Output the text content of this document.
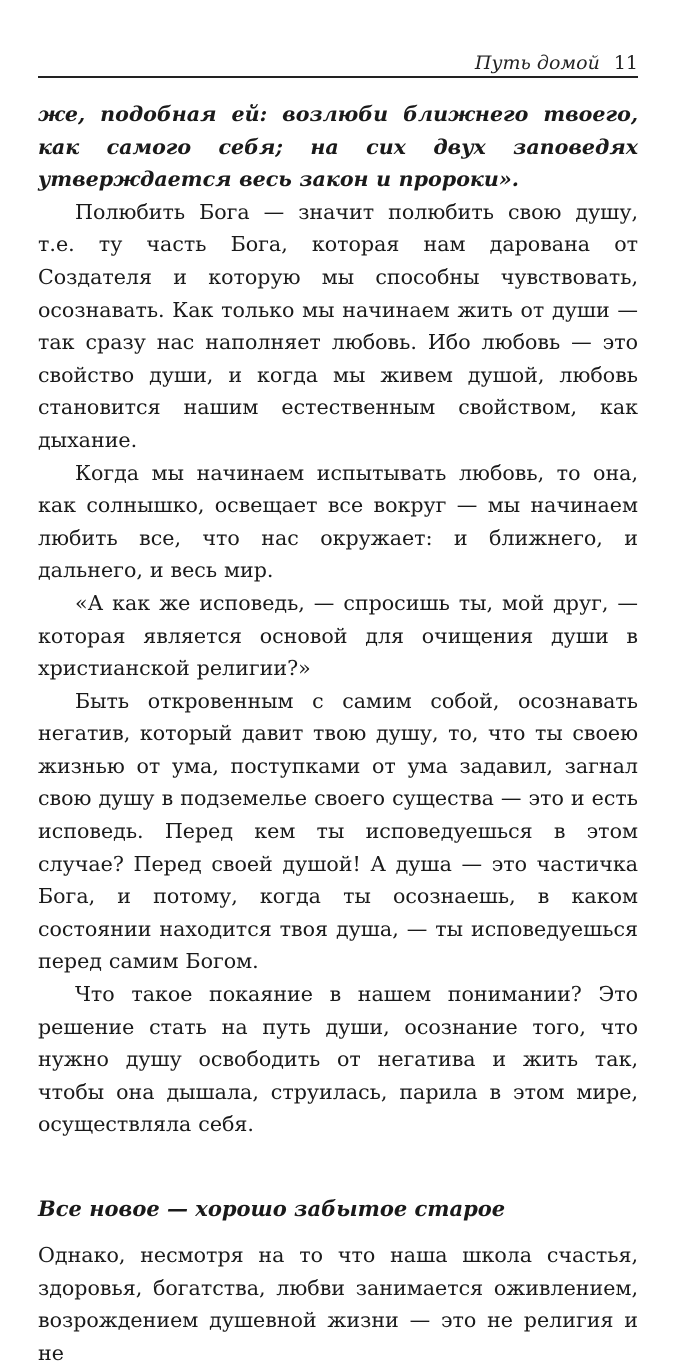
Путь домой 11

же, подобная ей: возлюби ближнего твоего, как самого себя; на сих двух заповедях утверждается весь закон и пророки».

Полюбить Бога — значит полюбить свою душу, т.е. ту часть Бога, которая нам дарована от Создателя и которую мы способны чувствовать, осознавать. Как только мы начинаем жить от души — так сразу нас наполняет любовь. Ибо любовь — это свойство души, и когда мы живем душой, любовь становится нашим естественным свойством, как дыхание.

Когда мы начинаем испытывать любовь, то она, как солнышко, освещает все вокруг — мы начинаем любить все, что нас окружает: и ближнего, и дальнего, и весь мир.

«А как же исповедь, — спросишь ты, мой друг, — которая является основой для очищения души в христианской религии?»

Быть откровенным с самим собой, осознавать негатив, который давит твою душу, то, что ты своею жизнью от ума, поступками от ума задавил, загнал свою душу в подземелье своего существа — это и есть исповедь. Перед кем ты исповедуешься в этом случае? Перед своей душой! А душа — это частичка Бога, и потому, когда ты осознаешь, в каком состоянии находится твоя душа, — ты исповедуешься перед самим Богом.

Что такое покаяние в нашем понимании? Это решение стать на путь души, осознание того, что нужно душу освободить от негатива и жить так, чтобы она дышала, струилась, парила в этом мире, осуществляла себя.

Все новое — хорошо забытое старое

Однако, несмотря на то что наша школа счастья, здоровья, богатства, любви занимается оживлением, возрождением душевной жизни — это не религия и не
